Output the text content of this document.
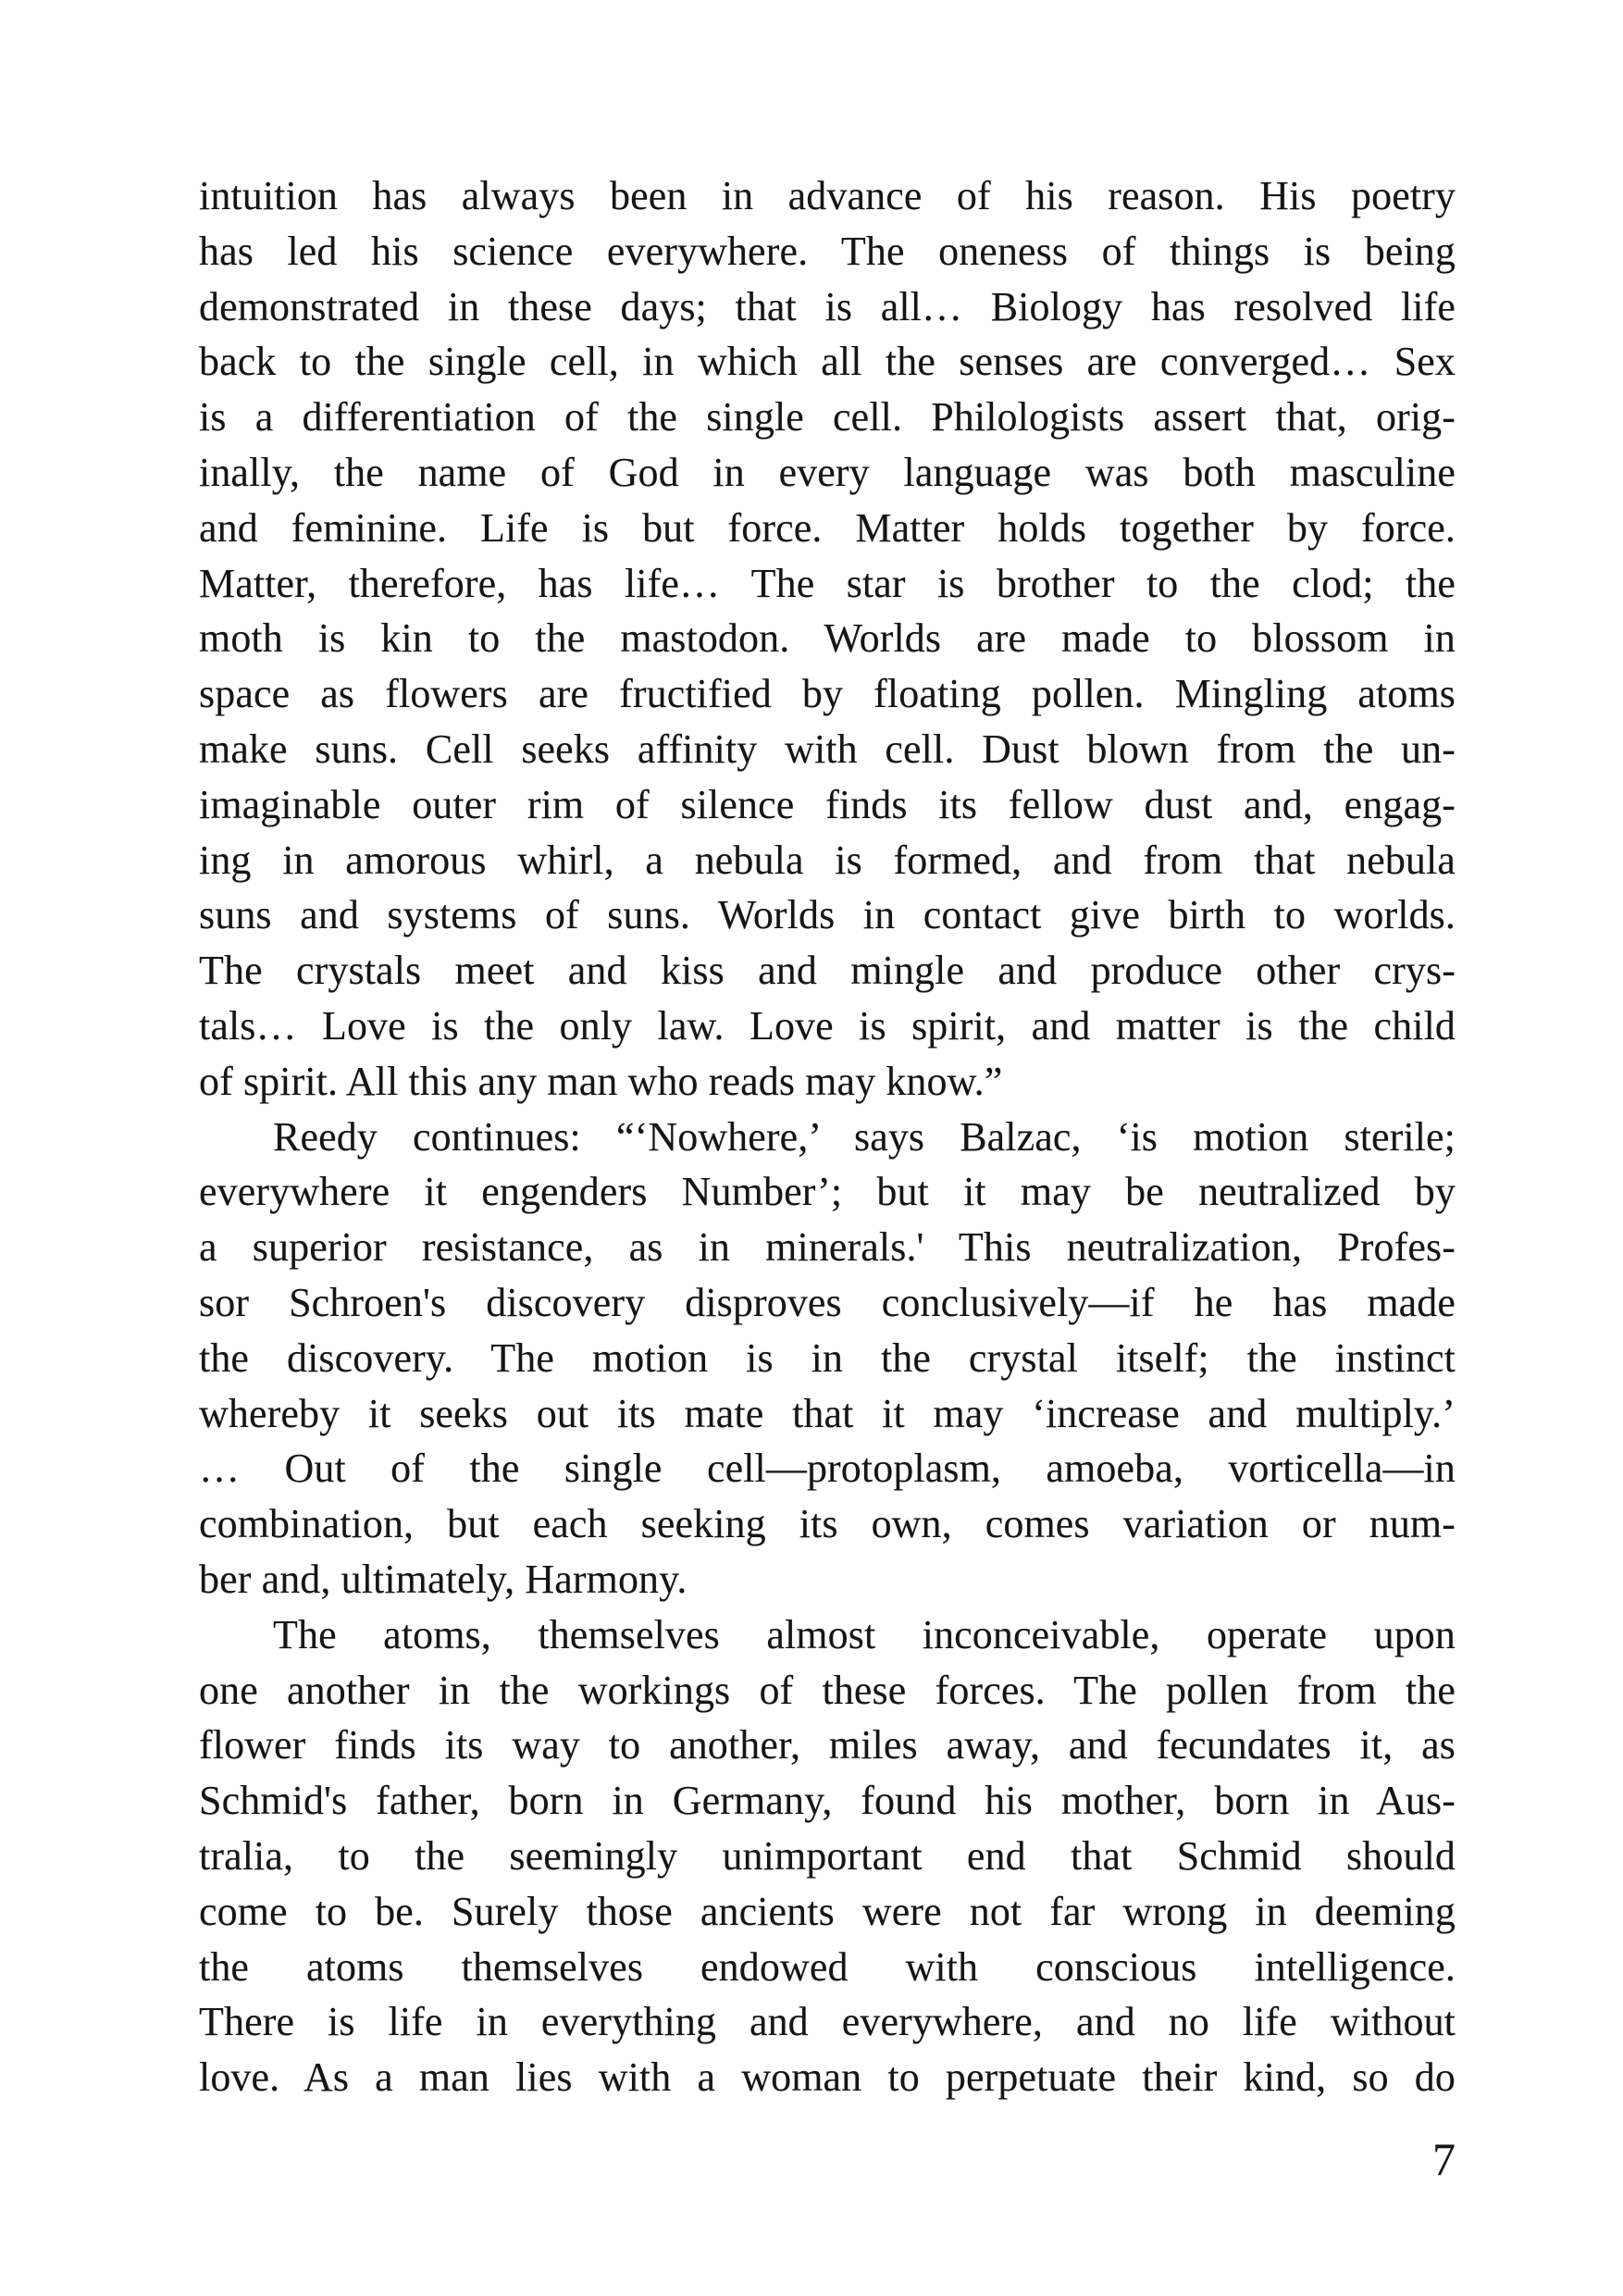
intuition has always been in advance of his reason. His poetry
has led his science everywhere. The oneness of things is being
demonstrated in these days; that is all… Biology has resolved life
back to the single cell, in which all the senses are converged… Sex
is a differentiation of the single cell. Philologists assert that, orig-
inally, the name of God in every language was both masculine
and feminine. Life is but force. Matter holds together by force.
Matter, therefore, has life… The star is brother to the clod; the
moth is kin to the mastodon. Worlds are made to blossom in
space as flowers are fructified by floating pollen. Mingling atoms
make suns. Cell seeks affinity with cell. Dust blown from the un-
imaginable outer rim of silence finds its fellow dust and, engag-
ing in amorous whirl, a nebula is formed, and from that nebula
suns and systems of suns. Worlds in contact give birth to worlds.
The crystals meet and kiss and mingle and produce other crys-
tals… Love is the only law. Love is spirit, and matter is the child
of spirit. All this any man who reads may know.”
Reedy continues: “‘Nowhere,’ says Balzac, ‘is motion sterile;
everywhere it engenders Number’; but it may be neutralized by
a superior resistance, as in minerals.' This neutralization, Profes-
sor Schroen's discovery disproves conclusively—if he has made
the discovery. The motion is in the crystal itself; the instinct
whereby it seeks out its mate that it may ‘increase and multiply.’
… Out of the single cell—protoplasm, amoeba, vorticella—in
combination, but each seeking its own, comes variation or num-
ber and, ultimately, Harmony.
The atoms, themselves almost inconceivable, operate upon
one another in the workings of these forces. The pollen from the
flower finds its way to another, miles away, and fecundates it, as
Schmid's father, born in Germany, found his mother, born in Aus-
tralia, to the seemingly unimportant end that Schmid should
come to be. Surely those ancients were not far wrong in deeming
the atoms themselves endowed with conscious intelligence.
There is life in everything and everywhere, and no life without
love. As a man lies with a woman to perpetuate their kind, so do
7
